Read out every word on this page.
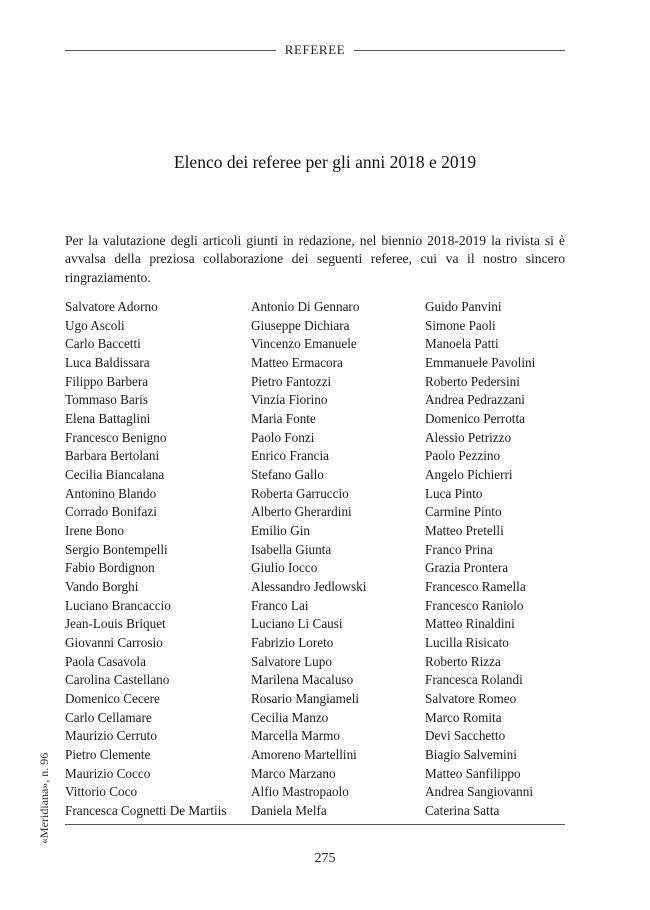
REFEREE
Elenco dei referee per gli anni 2018 e 2019

Per la valutazione degli articoli giunti in redazione, nel biennio 2018-2019 la rivista si è avvalsa della preziosa collaborazione dei seguenti referee, cui va il nostro sincero ringraziamento.

Salvatore Adorno
Ugo Ascoli
Carlo Baccetti
Luca Baldissara
Filippo Barbera
Tommaso Baris
Elena Battaglini
Francesco Benigno
Barbara Bertolani
Cecilia Biancalana
Antonino Blando
Corrado Bonifazi
Irene Bono
Sergio Bontempelli
Fabio Bordignon
Vando Borghi
Luciano Brancaccio
Jean-Louis Briquet
Giovanni Carrosio
Paola Casavola
Carolina Castellano
Domenico Cecere
Carlo Cellamare
Maurizio Cerruto
Pietro Clemente
Maurizio Cocco
Vittorio Coco
Francesca Cognetti De Martiis
Antonio Di Gennaro
Giuseppe Dichiara
Vincenzo Emanuele
Matteo Ermacora
Pietro Fantozzi
Vinzia Fiorino
Maria Fonte
Paolo Fonzi
Enrico Francia
Stefano Gallo
Roberta Garruccio
Alberto Gherardini
Emilio Gin
Isabella Giunta
Giulio Iocco
Alessandro Jedlowski
Franco Lai
Luciano Li Causi
Fabrizio Loreto
Salvatore Lupo
Marilena Macaluso
Rosario Mangiameli
Cecilia Manzo
Marcella Marmo
Amoreno Martellini
Marco Marzano
Alfio Mastropaolo
Daniela Melfa
Guido Panvini
Simone Paoli
Manoela Patti
Emmanuele Pavolini
Roberto Pedersini
Andrea Pedrazzani
Domenico Perrotta
Alessio Petrizzo
Paolo Pezzino
Angelo Pichierri
Luca Pinto
Carmine Pinto
Matteo Pretelli
Franco Prina
Grazia Prontera
Francesco Ramella
Francesco Raniolo
Matteo Rinaldini
Lucilla Risicato
Roberto Rizza
Francesca Rolandi
Salvatore Romeo
Marco Romita
Devi Sacchetto
Biagio Salvemini
Matteo Sanfilippo
Andrea Sangiovanni
Caterina Satta
275
«Meridiana», n. 96
